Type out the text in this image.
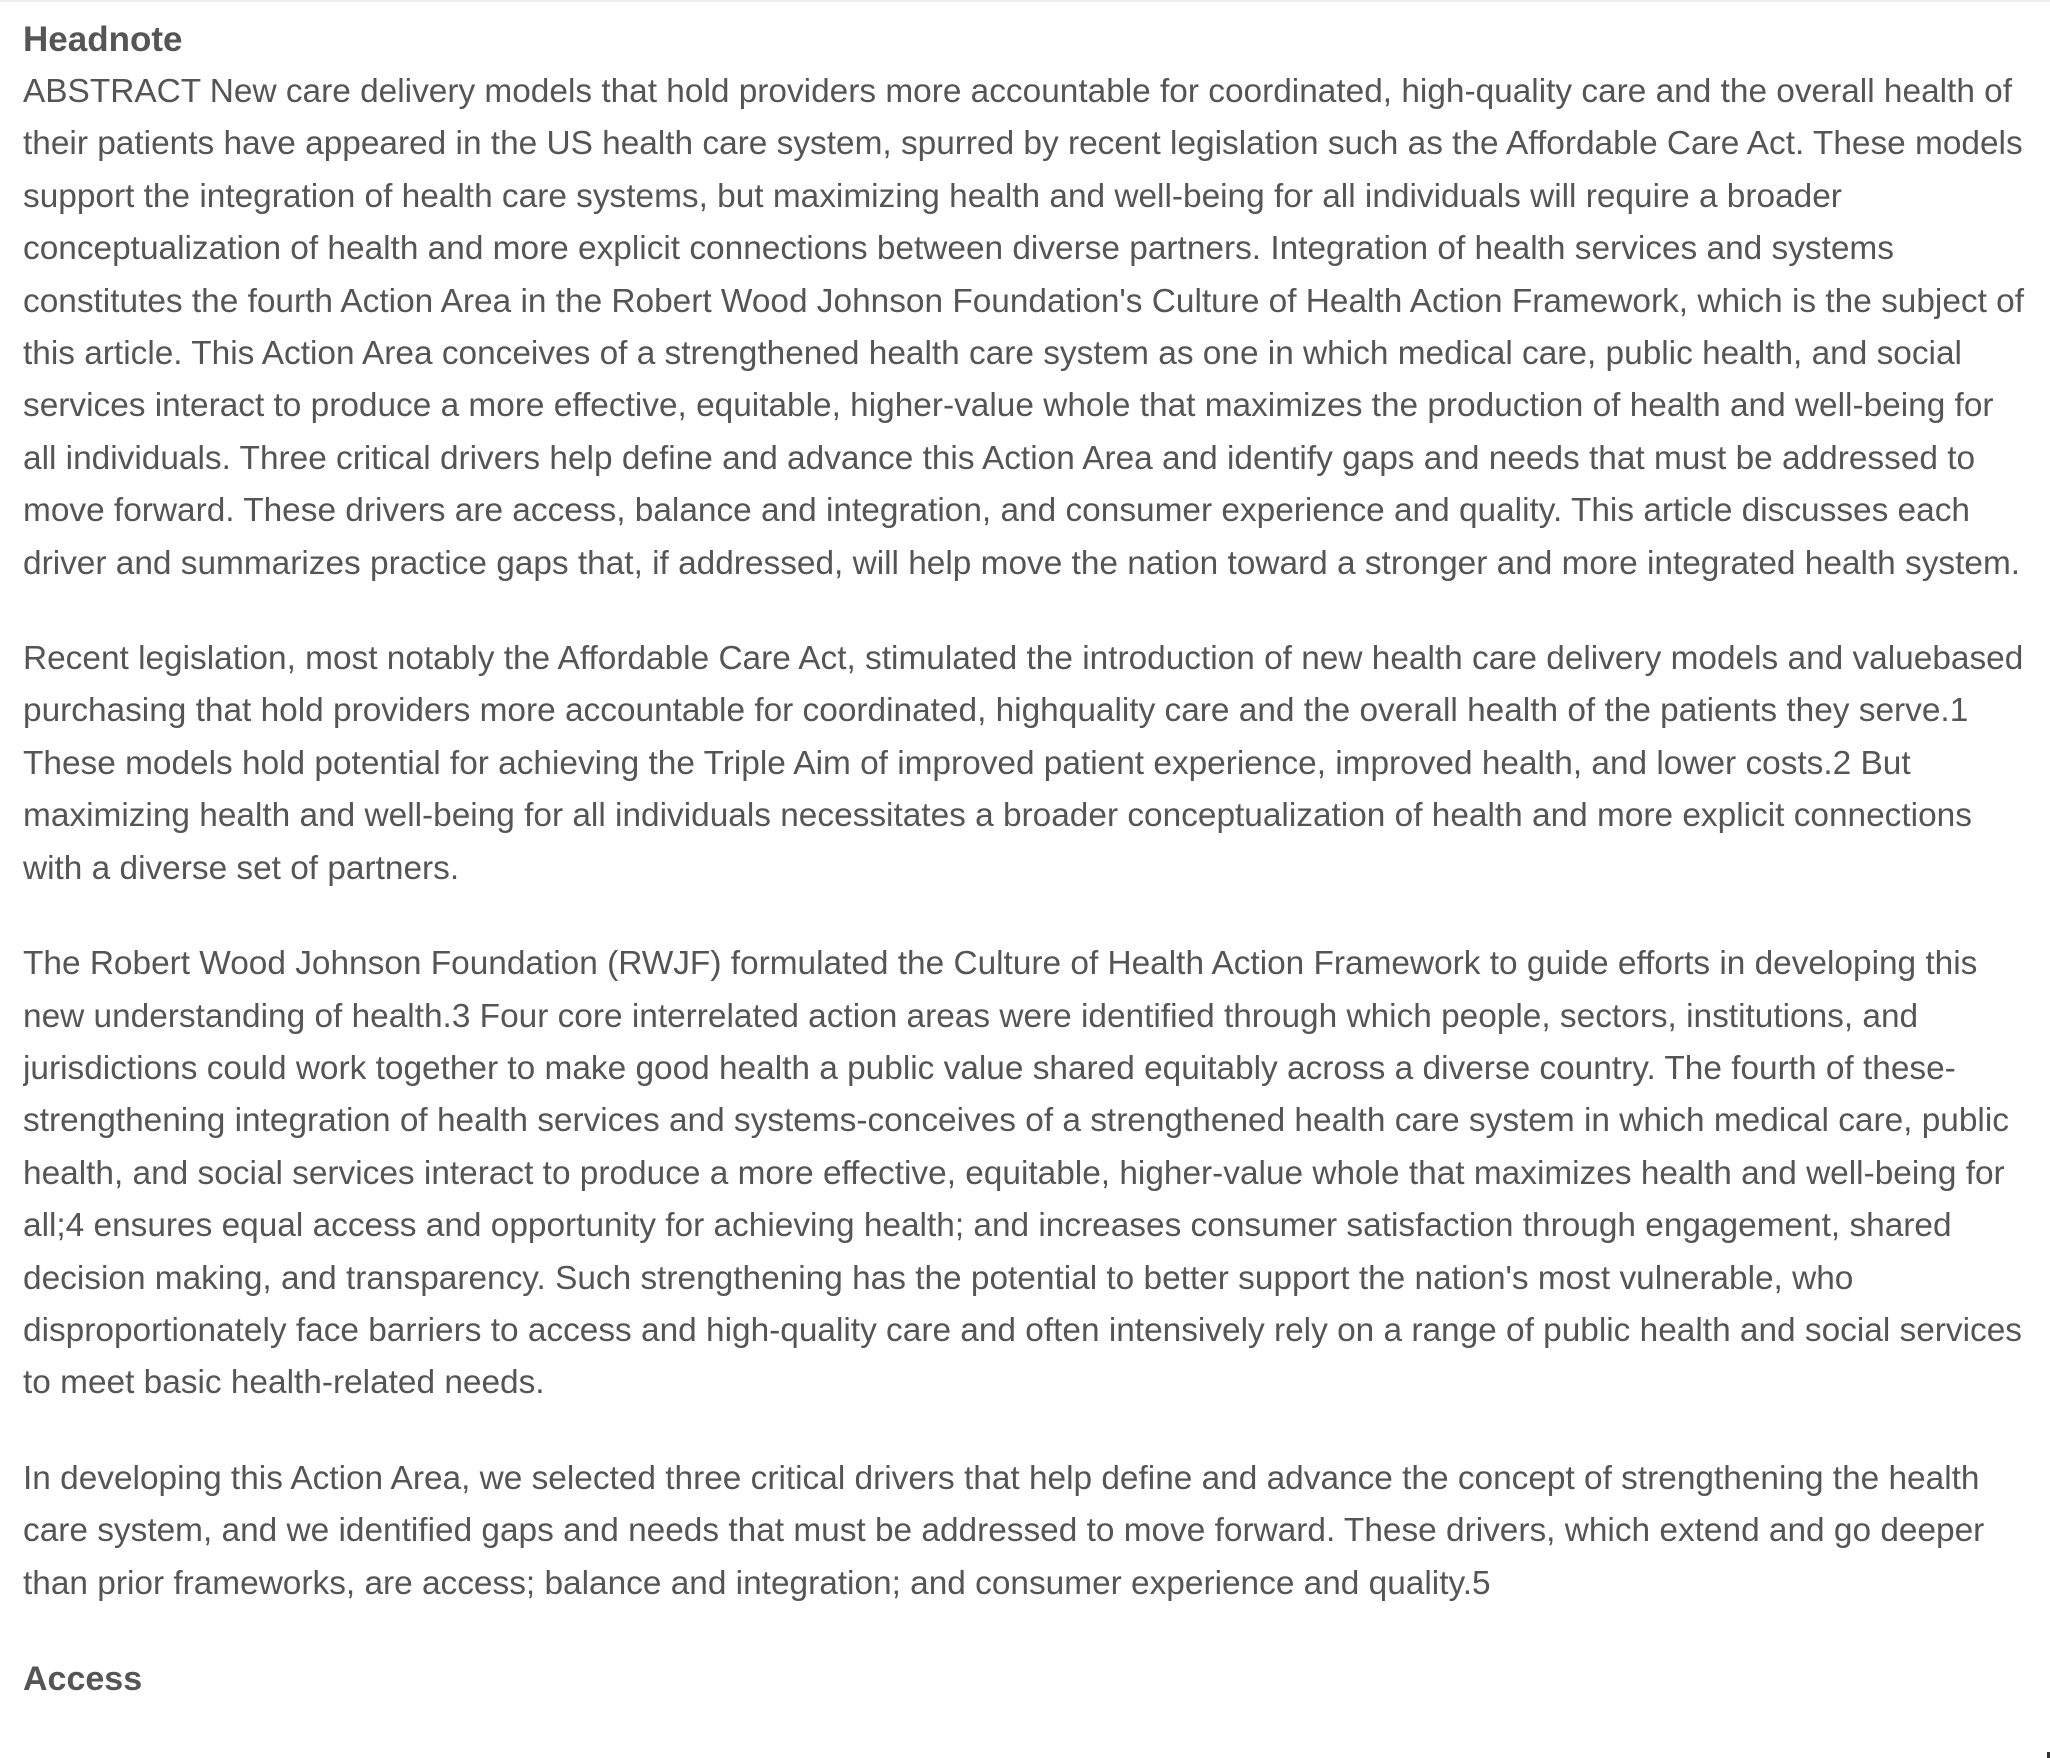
Headnote

ABSTRACT New care delivery models that hold providers more accountable for coordinated, high-quality care and the overall health of their patients have appeared in the US health care system, spurred by recent legislation such as the Affordable Care Act. These models support the integration of health care systems, but maximizing health and well-being for all individuals will require a broader conceptualization of health and more explicit connections between diverse partners. Integration of health services and systems constitutes the fourth Action Area in the Robert Wood Johnson Foundation's Culture of Health Action Framework, which is the subject of this article. This Action Area conceives of a strengthened health care system as one in which medical care, public health, and social services interact to produce a more effective, equitable, higher-value whole that maximizes the production of health and well-being for all individuals. Three critical drivers help define and advance this Action Area and identify gaps and needs that must be addressed to move forward. These drivers are access, balance and integration, and consumer experience and quality. This article discusses each driver and summarizes practice gaps that, if addressed, will help move the nation toward a stronger and more integrated health system.

Recent legislation, most notably the Affordable Care Act, stimulated the introduction of new health care delivery models and valuebased purchasing that hold providers more accountable for coordinated, highquality care and the overall health of the patients they serve.1 These models hold potential for achieving the Triple Aim of improved patient experience, improved health, and lower costs.2 But maximizing health and well-being for all individuals necessitates a broader conceptualization of health and more explicit connections with a diverse set of partners.

The Robert Wood Johnson Foundation (RWJF) formulated the Culture of Health Action Framework to guide efforts in developing this new understanding of health.3 Four core interrelated action areas were identified through which people, sectors, institutions, and jurisdictions could work together to make good health a public value shared equitably across a diverse country. The fourth of these-strengthening integration of health services and systems-conceives of a strengthened health care system in which medical care, public health, and social services interact to produce a more effective, equitable, higher-value whole that maximizes health and well-being for all;4 ensures equal access and opportunity for achieving health; and increases consumer satisfaction through engagement, shared decision making, and transparency. Such strengthening has the potential to better support the nation's most vulnerable, who disproportionately face barriers to access and high-quality care and often intensively rely on a range of public health and social services to meet basic health-related needs.

In developing this Action Area, we selected three critical drivers that help define and advance the concept of strengthening the health care system, and we identified gaps and needs that must be addressed to move forward. These drivers, which extend and go deeper than prior frameworks, are access; balance and integration; and consumer experience and quality.5

Access
